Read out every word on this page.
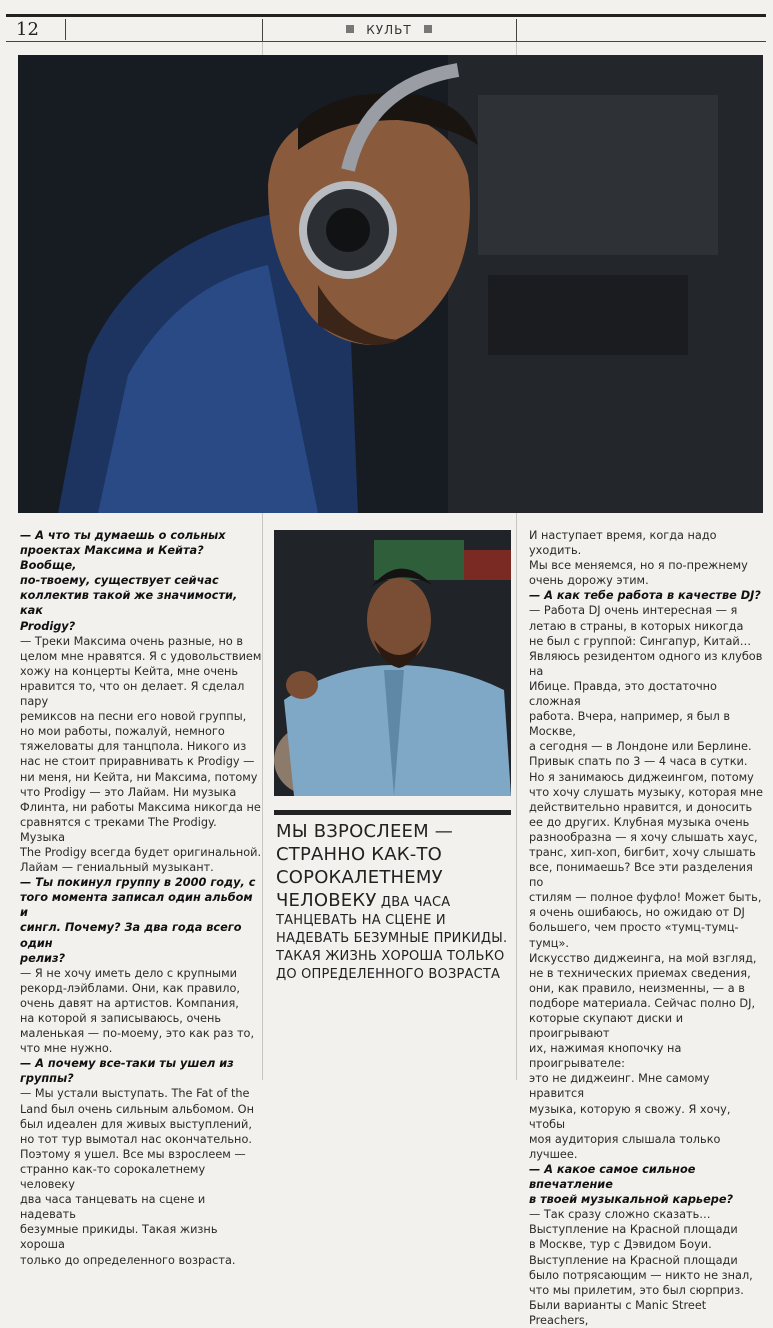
12	КУЛЬТ

— А что ты думаешь о сольных
проектах Максима и Кейта? Вообще,
по-твоему, существует сейчас
коллектив такой же значимости, как
Prodigy?

— Треки Максима очень разные, но в
целом мне нравятся. Я с удовольствием
хожу на концерты Кейта, мне очень
нравится то, что он делает. Я сделал пару
ремиксов на песни его новой группы,
но мои работы, пожалуй, немного
тяжеловаты для танцпола. Никого из
нас не стоит приравнивать к Prodigy —
ни меня, ни Кейта, ни Максима, потому
что Prodigy — это Лайам. Ни музыка
Флинта, ни работы Максима никогда не
сравнятся с треками The Prodigy. Музыка
The Prodigy всегда будет оригинальной.
Лайам — гениальный музыкант.

— Ты покинул группу в 2000 году, с
того момента записал один альбом и
сингл. Почему? За два года всего один
релиз?

— Я не хочу иметь дело с крупными
рекорд-лэйблами. Они, как правило,
очень давят на артистов. Компания,
на которой я записываюсь, очень
маленькая — по-моему, это как раз то,
что мне нужно.

— А почему все-таки ты ушел из
группы?

— Мы устали выступать. The Fat of the
Land был очень сильным альбомом. Он
был идеален для живых выступлений,
но тот тур вымотал нас окончательно.
Поэтому я ушел. Все мы взрослеем —
странно как-то сорокалетнему человеку
два часа танцевать на сцене и надевать
безумные прикиды. Такая жизнь хороша
только до определенного возраста.

МЫ ВЗРОСЛЕЕМ — СТРАННО КАК-ТО СОРОКАЛЕТНЕМУ ЧЕЛОВЕКУ ДВА ЧАСА ТАНЦЕВАТЬ НА СЦЕНЕ И НАДЕВАТЬ БЕЗУМНЫЕ ПРИКИДЫ. ТАКАЯ ЖИЗНЬ ХОРОША ТОЛЬКО ДО ОПРЕДЕЛЕННОГО ВОЗРАСТА

И наступает время, когда надо уходить.
Мы все меняемся, но я по-прежнему
очень дорожу этим.

— А как тебе работа в качестве DJ?

— Работа DJ очень интересная — я
летаю в страны, в которых никогда
не был с группой: Сингапур, Китай…
Являюсь резидентом одного из клубов на
Ибице. Правда, это достаточно сложная
работа. Вчера, например, я был в Москве,
а сегодня — в Лондоне или Берлине.
Привык спать по 3 — 4 часа в сутки.
Но я занимаюсь диджеингом, потому
что хочу слушать музыку, которая мне
действительно нравится, и доносить
ее до других. Клубная музыка очень
разнообразна — я хочу слышать хаус,
транс, хип-хоп, бигбит, хочу слышать
все, понимаешь? Все эти разделения по
стилям — полное фуфло! Может быть,
я очень ошибаюсь, но ожидаю от DJ
большего, чем просто «тумц-тумц-тумц».
Искусство диджеинга, на мой взгляд,
не в технических приемах сведения,
они, как правило, неизменны, — а в
подборе материала. Сейчас полно DJ,
которые скупают диски и проигрывают
их, нажимая кнопочку на проигрывателе:
это не диджеинг. Мне самому нравится
музыка, которую я свожу. Я хочу, чтобы
моя аудитория слышала только лучшее.

— А какое самое сильное впечатление
в твоей музыкальной карьере?

— Так сразу сложно сказать…
Выступление на Красной площади
в Москве, тур с Дэвидом Боуи.
Выступление на Красной площади
было потрясающим — никто не знал,
что мы прилетим, это был сюрприз.
Были варианты с Manic Street Preachers,
